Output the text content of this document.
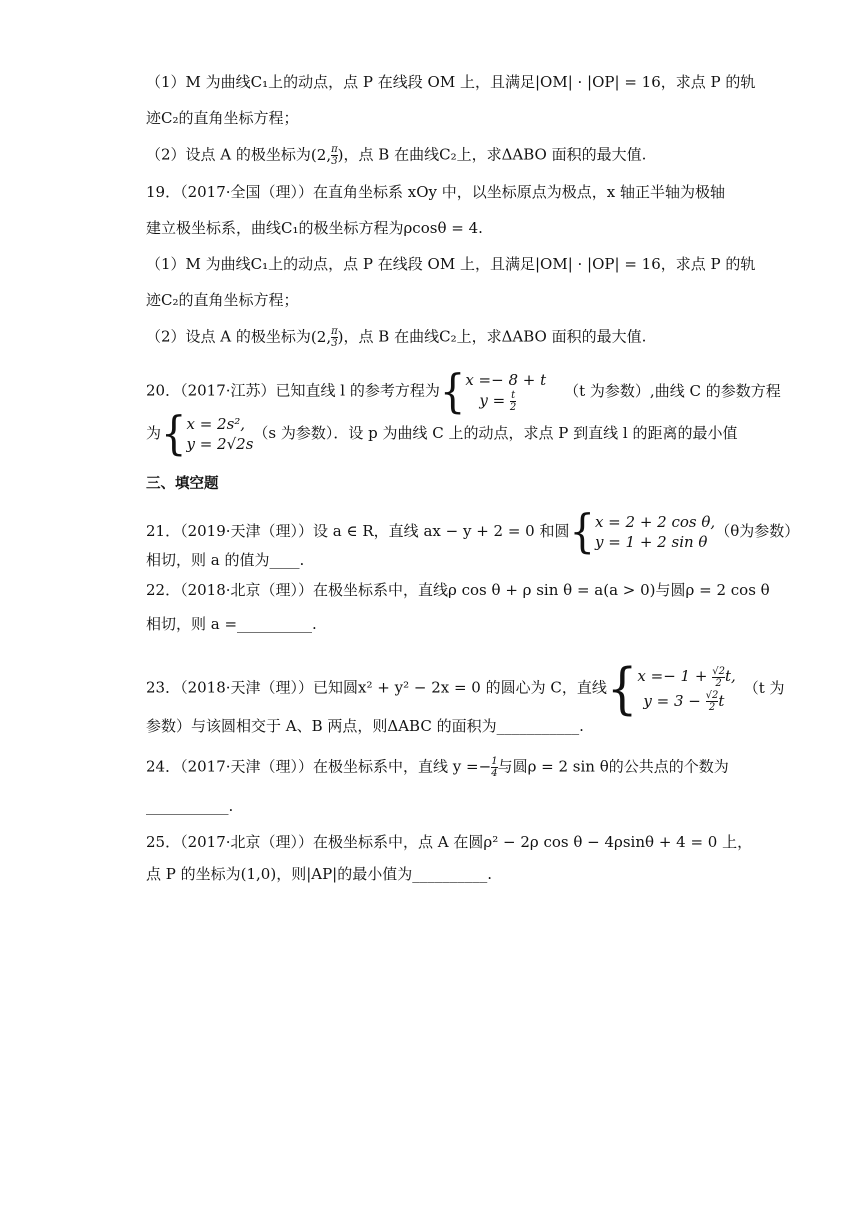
（1）M 为曲线C₁上的动点，点 P 在线段 OM 上，且满足|OM| · |OP| = 16，求点 P 的轨
迹C₂的直角坐标方程；
（2）设点 A 的极坐标为(2, $\frac{\pi}{3}$ )，点 B 在曲线C₂上，求ΔABO 面积的最大值.
19．（2017·全国（理））在直角坐标系 xOy 中，以坐标原点为极点，x 轴正半轴为极轴
建立极坐标系，曲线C₁的极坐标方程为ρcosθ = 4.
（1）M 为曲线C₁上的动点，点 P 在线段 OM 上，且满足|OM| · |OP| = 16，求点 P 的轨
迹C₂的直角坐标方程；
（2）设点 A 的极坐标为(2, $\frac{\pi}{3}$ )，点 B 在曲线C₂上，求ΔABO 面积的最大值.
20．（2017·江苏）已知直线 l 的参考方程为{ x =− 8 + t
$y = \frac{t}{2}$	（t 为参数）,曲线 C 的参数方程
为{ x = 2s²,
y = 2√2s
（s 为参数）．设 p 为曲线 C 上的动点，求点 P 到直线 l 的距离的最小值
三、填空题
21．（2019·天津（理））设 a ∈ R，直线 ax − y + 2 = 0 和圆{ x = 2 + 2 cos θ,
y = 1 + 2 sin θ
（θ为参数）
相切，则 a 的值为____.
22．（2018·北京（理））在极坐标系中，直线ρ cos θ + ρ sin θ = a(a > 0)与圆ρ = 2 cos θ
相切，则 a =__________.
23．（2018·天津（理））已知圆x² + y² − 2x = 0 的圆心为 C，直线{ $x =- 1 + \frac{√2}{2} t$,
$y = 3 - \frac{√2}{2}$ t
（t 为
参数）与该圆相交于 A、B 两点，则ΔABC 的面积为___________.
24．（2017·天津（理））在极坐标系中，直线 $y =- \frac{1}{4}$ 与圆ρ = 2 sin θ的公共点的个数为
___________.
25．（2017·北京（理））在极坐标系中，点 A 在圆ρ² − 2ρ cos θ − 4ρsinθ + 4 = 0 上，
点 P 的坐标为(1,0)，则|AP|的最小值为__________.
